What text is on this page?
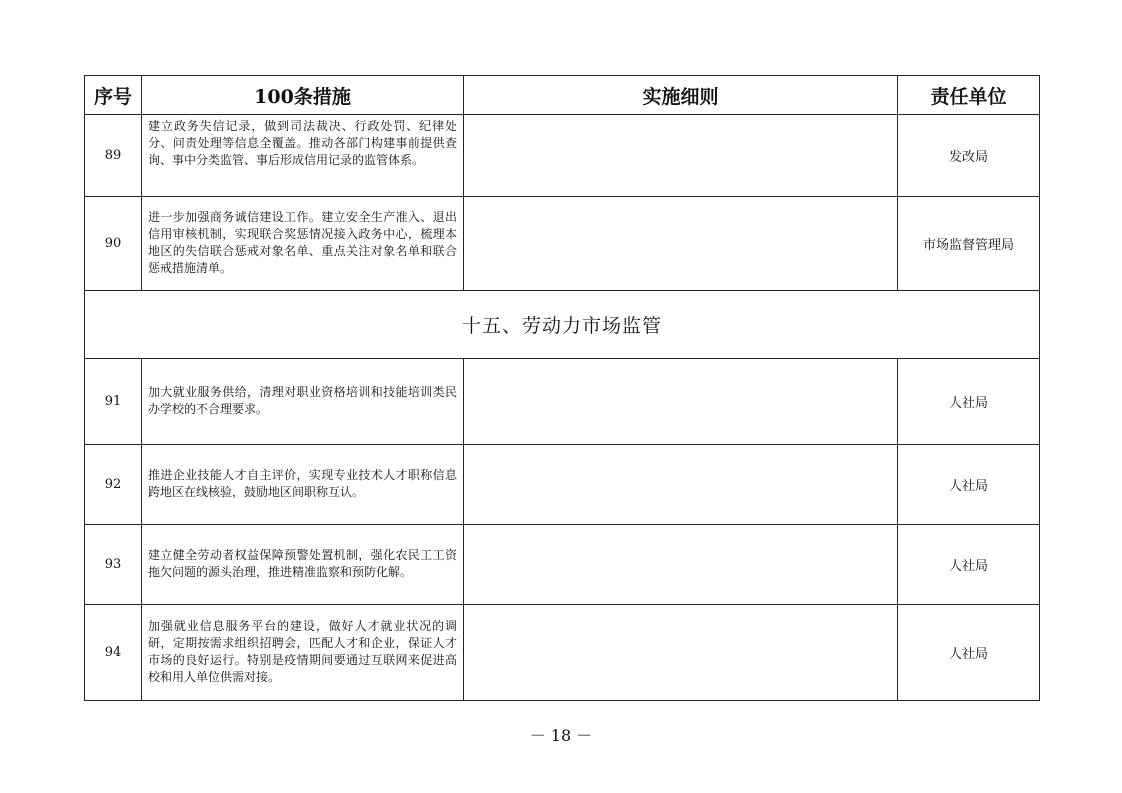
序号	100条措施	实施细则	责任单位
89	建立政务失信记录，做到司法裁决、行政处罚、纪律处分、问责处理等信息全覆盖。推动各部门构建事前提供查询、事中分类监管、事后形成信用记录的监管体系。		发改局
90	进一步加强商务诚信建设工作。建立安全生产准入、退出信用审核机制，实现联合奖惩情况接入政务中心，梳理本地区的失信联合惩戒对象名单、重点关注对象名单和联合惩戒措施清单。		市场监督管理局
十五、劳动力市场监管			
91	加大就业服务供给，清理对职业资格培训和技能培训类民办学校的不合理要求。		人社局
92	推进企业技能人才自主评价，实现专业技术人才职称信息跨地区在线核验，鼓励地区间职称互认。		人社局
93	建立健全劳动者权益保障预警处置机制，强化农民工工资拖欠问题的源头治理，推进精准监察和预防化解。		人社局
94	加强就业信息服务平台的建设，做好人才就业状况的调研，定期按需求组织招聘会，匹配人才和企业，保证人才市场的良好运行。特别是疫情期间要通过互联网来促进高校和用人单位供需对接。		人社局
－ 18 －
